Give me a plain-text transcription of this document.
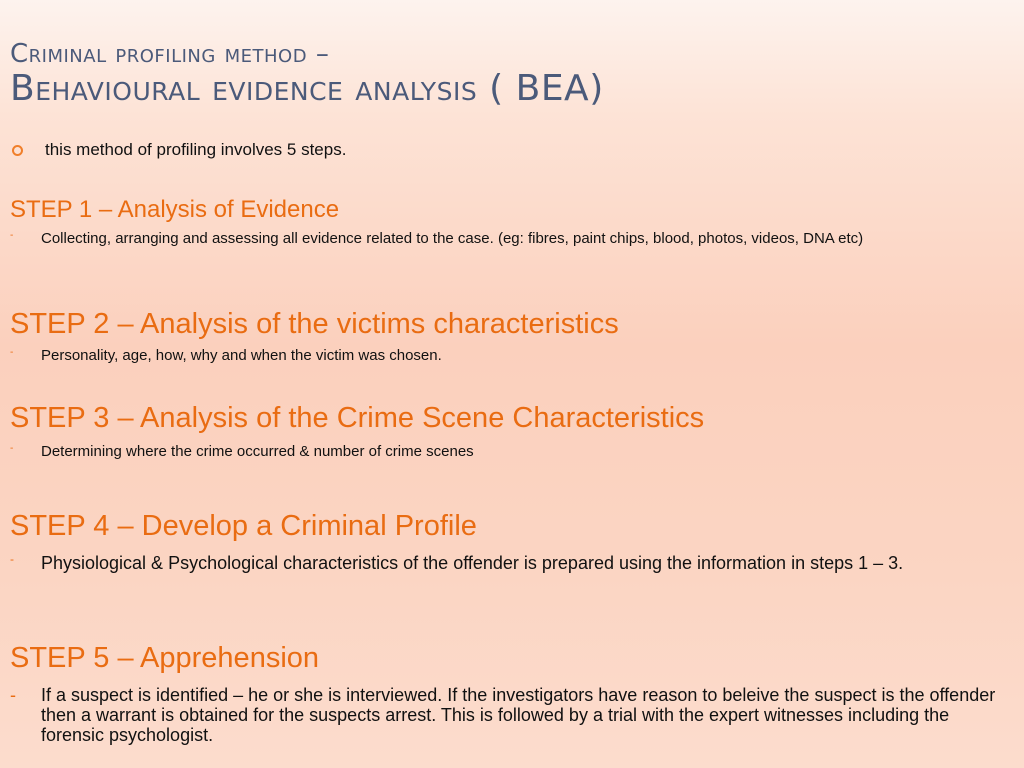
Criminal profiling method –
Behavioural evidence analysis ( BEA)
this method of profiling involves 5 steps.
STEP 1 – Analysis of Evidence
-	Collecting, arranging and assessing all evidence related to the case. (eg: fibres, paint chips, blood, photos, videos, DNA etc)
STEP 2 – Analysis of the victims characteristics
-	Personality, age, how, why and when the victim was chosen.
STEP 3 – Analysis of the Crime Scene Characteristics
-	Determining where the crime occurred & number of crime scenes
STEP 4 – Develop a Criminal Profile
-	Physiological & Psychological characteristics of the offender is prepared using the information in steps 1 – 3.
STEP 5 – Apprehension
-	If a suspect is identified – he or she is interviewed. If the investigators have reason to beleive the suspect is the offender then a warrant is obtained for the suspects arrest. This is followed by a trial with the expert witnesses including the forensic psychologist.
